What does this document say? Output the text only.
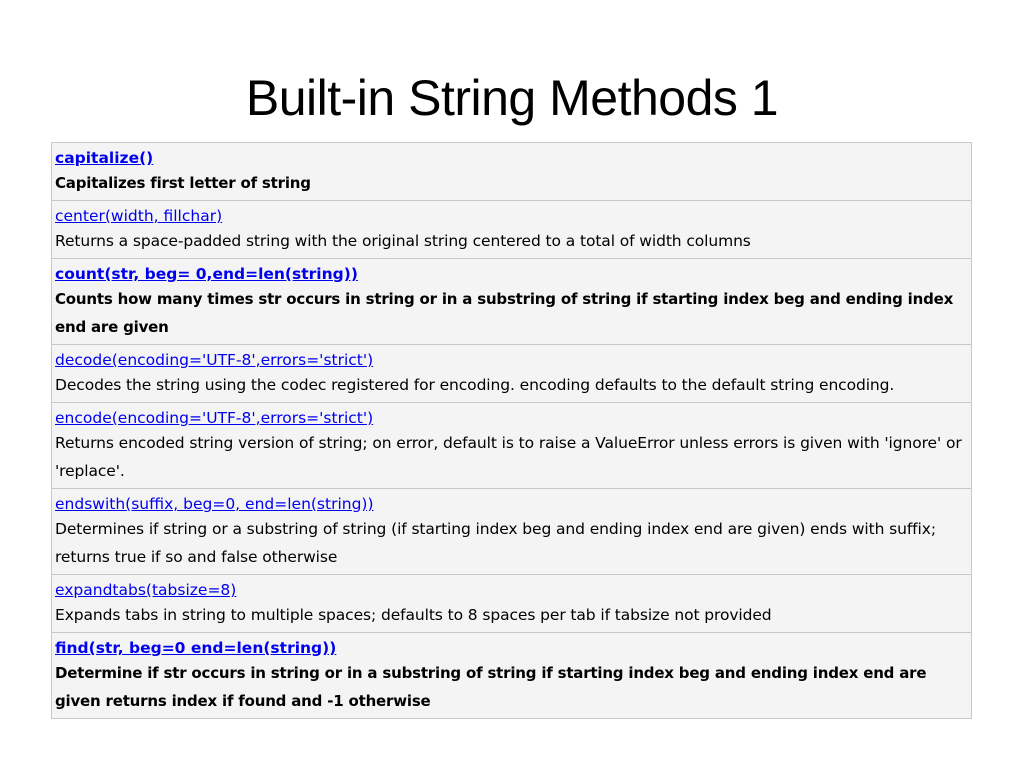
Built-in String Methods 1
capitalize()
Capitalizes first letter of string

center(width, fillchar)
Returns a space-padded string with the original string centered to a total of width columns

count(str, beg= 0,end=len(string))
Counts how many times str occurs in string or in a substring of string if starting index beg and ending index end are given

decode(encoding='UTF-8',errors='strict')
Decodes the string using the codec registered for encoding. encoding defaults to the default string encoding.

encode(encoding='UTF-8',errors='strict')
Returns encoded string version of string; on error, default is to raise a ValueError unless errors is given with 'ignore' or 'replace'.

endswith(suffix, beg=0, end=len(string))
Determines if string or a substring of string (if starting index beg and ending index end are given) ends with suffix; returns true if so and false otherwise

expandtabs(tabsize=8)
Expands tabs in string to multiple spaces; defaults to 8 spaces per tab if tabsize not provided

find(str, beg=0 end=len(string))
Determine if str occurs in string or in a substring of string if starting index beg and ending index end are given returns index if found and -1 otherwise
